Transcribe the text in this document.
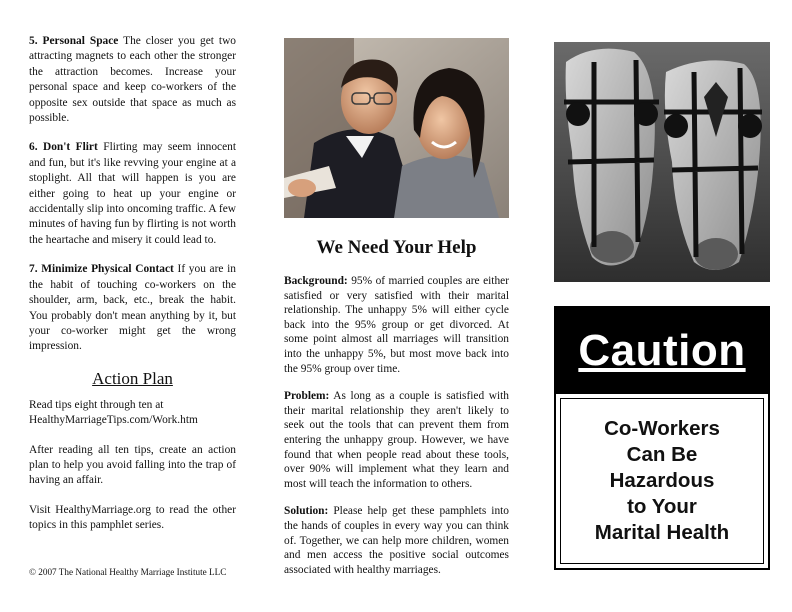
5. Personal Space The closer you get two attracting magnets to each other the stronger the attraction becomes. Increase your personal space and keep co-workers of the opposite sex outside that space as much as possible.

6. Don't Flirt Flirting may seem innocent and fun, but it's like revving your engine at a stoplight. All that will happen is you are either going to heat up your engine or accidentally slip into oncoming traffic. A few minutes of having fun by flirting is not worth the heartache and misery it could lead to.

7. Minimize Physical Contact If you are in the habit of touching co-workers on the shoulder, arm, back, etc., break the habit. You probably don't mean anything by it, but your co-worker might get the wrong impression.

Action Plan

Read tips eight through ten at HealthyMarriageTips.com/Work.htm

After reading all ten tips, create an action plan to help you avoid falling into the trap of having an affair.

Visit HealthyMarriage.org to read the other topics in this pamphlet series.

© 2007 The National Healthy Marriage Institute LLC
We Need Your Help

Background: 95% of married couples are either satisfied or very satisfied with their marital relationship. The unhappy 5% will either cycle back into the 95% group or get divorced. At some point almost all marriages will transition into the unhappy 5%, but most move back into the 95% group over time.

Problem: As long as a couple is satisfied with their marital relationship they aren't likely to seek out the tools that can prevent them from entering the unhappy group. However, we have found that when people read about these tools, over 90% will implement what they learn and most will teach the information to others.

Solution: Please help get these pamphlets into the hands of couples in every way you can think of. Together, we can help more children, women and men access the positive social outcomes associated with healthy marriages.

Caution
Co-Workers
Can Be
Hazardous
to Your
Marital Health
